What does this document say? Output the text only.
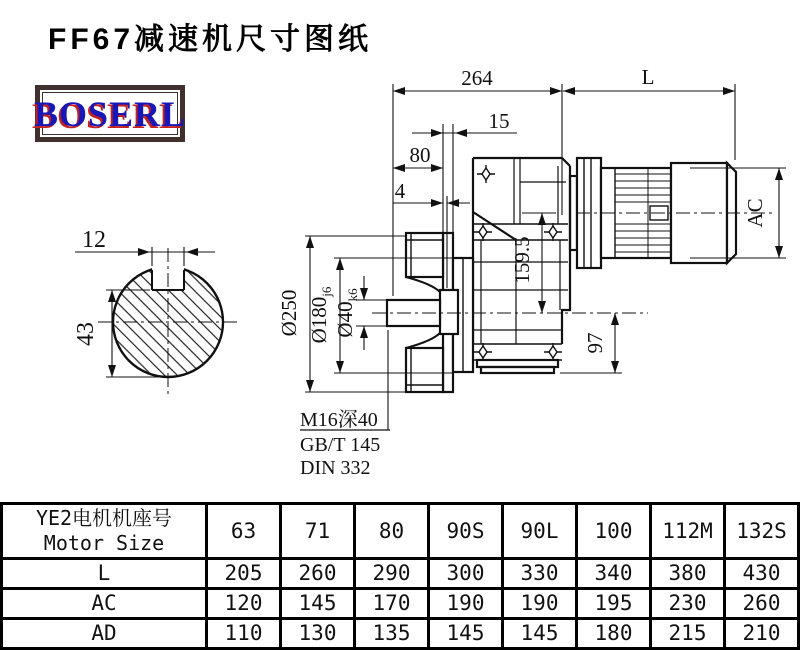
FF67减速机尺寸图纸
BOSERL
M16深40
GB/T 145
DIN 332
264	L
15
80
4
AC
159.5
97
Ø250 $Ø180_{j6}$
$Ø40_{k6}$
12
43
YE2电机机座号
Motor Size	63	71	80	90S	90L	100	112M	132S
L	205	260	290	300	330	340	380	430
AC	120	145	170	190	190	195	230	260
AD	110	130	135	145	145	180	215	210
